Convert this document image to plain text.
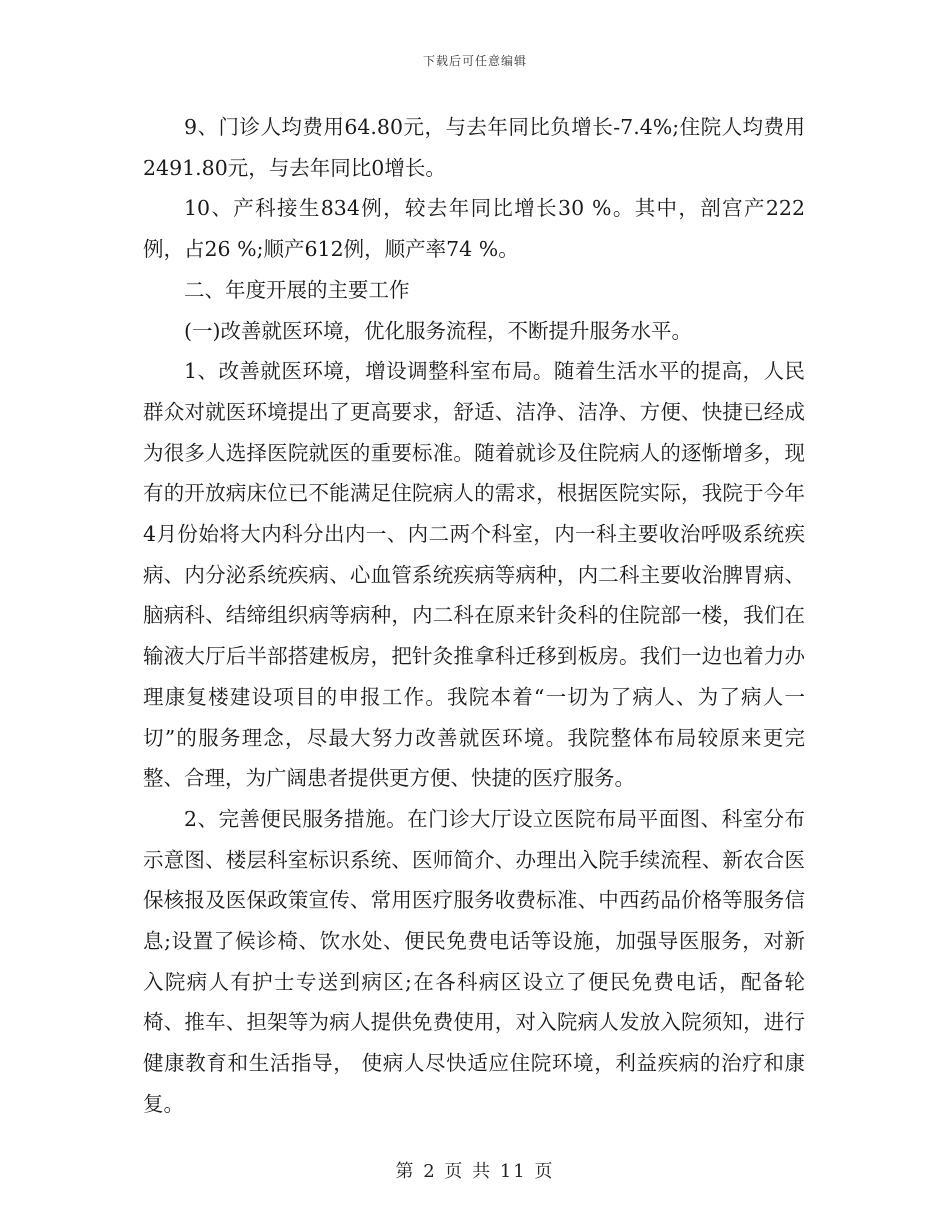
下载后可任意编辑

9、门诊人均费用64.80元，与去年同比负增长-7.4%;住院人均费用2491.80元，与去年同比0增长。

10、产科接生834例，较去年同比增长30 %。其中，剖宫产222例，占26 %;顺产612例，顺产率74 %。

二、年度开展的主要工作

(一)改善就医环境，优化服务流程，不断提升服务水平。

1、改善就医环境，增设调整科室布局。随着生活水平的提高，人民群众对就医环境提出了更高要求，舒适、洁净、洁净、方便、快捷已经成为很多人选择医院就医的重要标准。随着就诊及住院病人的逐惭增多，现有的开放病床位已不能满足住院病人的需求，根据医院实际，我院于今年4月份始将大内科分出内一、内二两个科室，内一科主要收治呼吸系统疾病、内分泌系统疾病、心血管系统疾病等病种，内二科主要收治脾胃病、脑病科、结缔组织病等病种，内二科在原来针灸科的住院部一楼，我们在输液大厅后半部搭建板房，把针灸推拿科迁移到板房。我们一边也着力办理康复楼建设项目的申报工作。我院本着“一切为了病人、为了病人一切”的服务理念，尽最大努力改善就医环境。我院整体布局较原来更完整、合理，为广阔患者提供更方便、快捷的医疗服务。

2、完善便民服务措施。在门诊大厅设立医院布局平面图、科室分布示意图、楼层科室标识系统、医师简介、办理出入院手续流程、新农合医保核报及医保政策宣传、常用医疗服务收费标准、中西药品价格等服务信息;设置了候诊椅、饮水处、便民免费电话等设施，加强导医服务，对新入院病人有护士专送到病区;在各科病区设立了便民免费电话，配备轮椅、推车、担架等为病人提供免费使用，对入院病人发放入院须知，进行健康教育和生活指导， 使病人尽快适应住院环境，利益疾病的治疗和康复。

第 2 页 共 11 页
